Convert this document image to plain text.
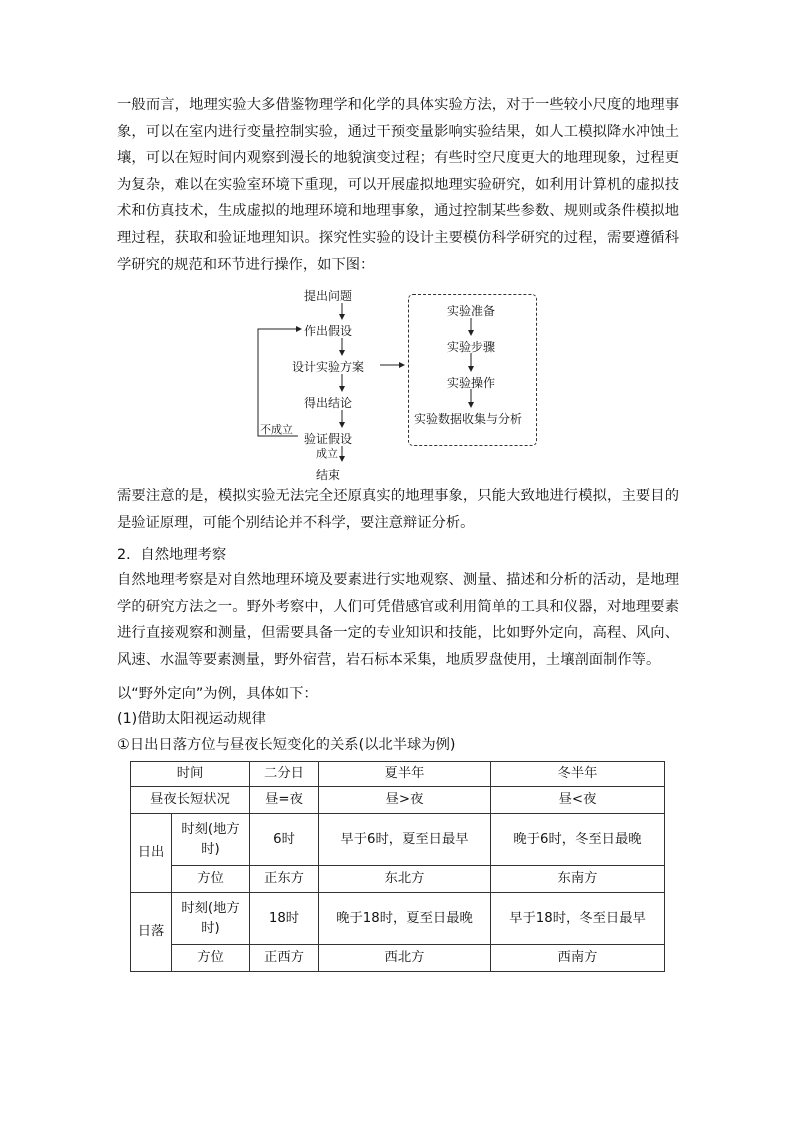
一般而言，地理实验大多借鉴物理学和化学的具体实验方法，对于一些较小尺度的地理事象，可以在室内进行变量控制实验，通过干预变量影响实验结果，如人工模拟降水冲蚀土壤，可以在短时间内观察到漫长的地貌演变过程；有些时空尺度更大的地理现象，过程更为复杂，难以在实验室环境下重现，可以开展虚拟地理实验研究，如利用计算机的虚拟技术和仿真技术，生成虚拟的地理环境和地理事象，通过控制某些参数、规则或条件模拟地理过程，获取和验证地理知识。探究性实验的设计主要模仿科学研究的过程，需要遵循科学研究的规范和环节进行操作，如下图：
提出问题
作出假设
设计实验方案
得出结论
验证假设
结束
不成立
成立
实验准备
实验步骤
实验操作
实验数据收集与分析
需要注意的是，模拟实验无法完全还原真实的地理事象，只能大致地进行模拟，主要目的是验证原理，可能个别结论并不科学，要注意辩证分析。
2．自然地理考察
自然地理考察是对自然地理环境及要素进行实地观察、测量、描述和分析的活动，是地理学的研究方法之一。野外考察中，人们可凭借感官或利用简单的工具和仪器，对地理要素进行直接观察和测量，但需要具备一定的专业知识和技能，比如野外定向，高程、风向、风速、水温等要素测量，野外宿营，岩石标本采集，地质罗盘使用，土壤剖面制作等。
以“野外定向”为例，具体如下：
(1)借助太阳视运动规律
①日出日落方位与昼夜长短变化的关系(以北半球为例)
时间		二分日	夏半年	冬半年
昼夜长短状况		昼=夜	昼>夜	昼<夜
日出	时刻(地方时)	6时	早于6时，夏至日最早	晚于6时，冬至日最晚
	方位	正东方	东北方	东南方
日落	时刻(地方时)	18时	晚于18时，夏至日最晚	早于18时，冬至日最早
	方位	正西方	西北方	西南方
